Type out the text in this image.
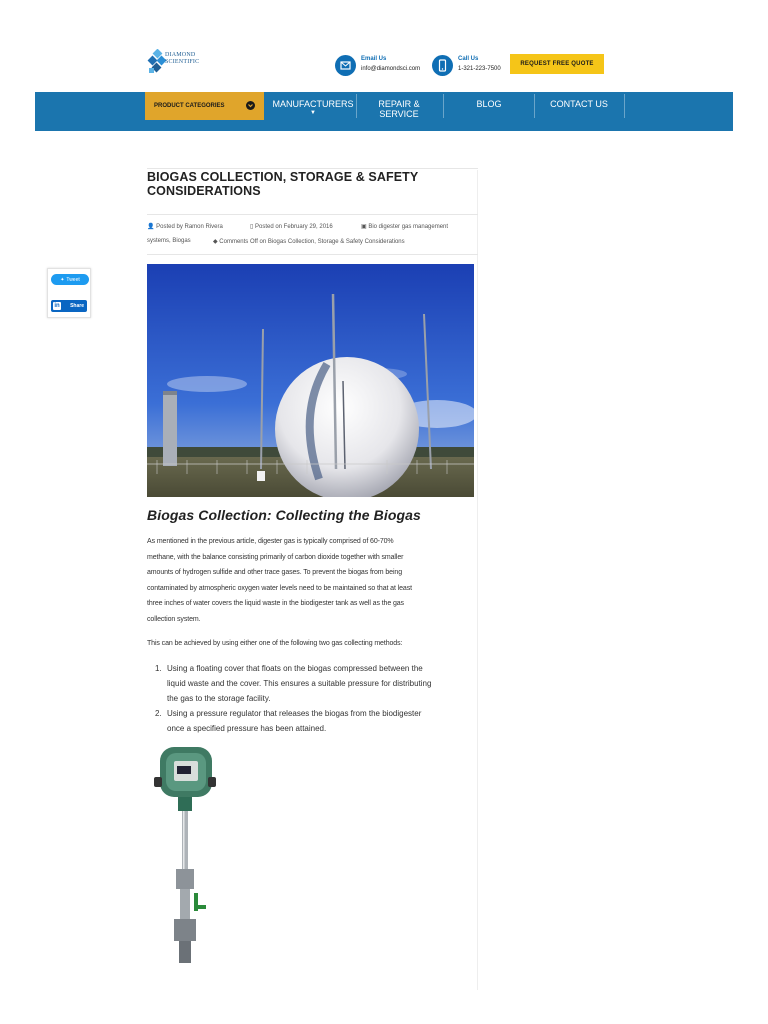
DIAMOND
SCIENTIFIC	Email Us
info@diamondsci.com
Call Us
1-321-223-7500
REQUEST FREE QUOTE
PRODUCT CATEGORIES	MANUFACTURERS
▼
REPAIR &
SERVICE
BLOG	CONTACT US
✦ Tweet
in Share
BIOGAS COLLECTION, STORAGE & SAFETY CONSIDERATIONS
👤 Posted by Ramon Rivera	▯ Posted on February 29, 2016	▣ Bio digester gas management
systems, Biogas	◆ Comments Off on Biogas Collection, Storage & Safety Considerations
Biogas Collection: Collecting the Biogas
As mentioned in the previous article, digester gas is typically comprised of 60-70%
methane, with the balance consisting primarily of carbon dioxide together with smaller
amounts of hydrogen sulfide and other trace gases. To prevent the biogas from being
contaminated by atmospheric oxygen water levels need to be maintained so that at least
three inches of water covers the liquid waste in the biodigester tank as well as the gas
collection system.
This can be achieved by using either one of the following two gas collecting methods:
1. Using a floating cover that floats on the biogas compressed between the
liquid waste and the cover. This ensures a suitable pressure for distributing
the gas to the storage facility.
2. Using a pressure regulator that releases the biogas from the biodigester
once a specified pressure has been attained.
